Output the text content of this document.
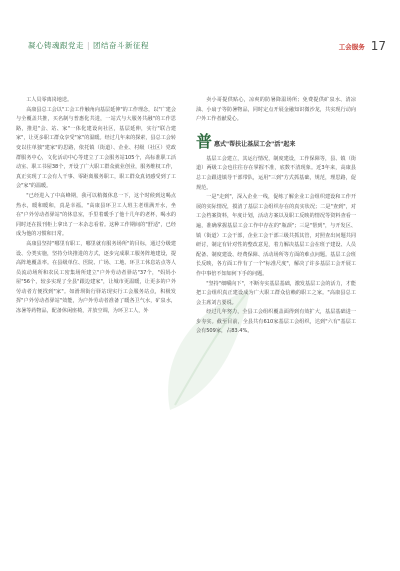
凝心铸魂跟党走 | 团结奋斗新征程	工会服务 17

工人员零离岗地送。

高康县总工会以"工会工作触角向基层延伸"的工作理念，以"广建会与全覆盖共推，买名制与普惠化共进，一站式与大服务共融"的工作思路，推进"会、站、家"一体化建设向社区，基层延伸，实行"联合建家"，让更多职工群众享受"家"的温暖。经过几年来的探索，县总工会转变以往单独"建家"的思路，依托镇（街道）、企业、村级（社区）党政群服务中心，文化活动中心等建立了工会服务站105个，高标准职工活动室、职工书屋38个，开设了广大职工群众就业创业，服务维权工作，真正实现了工会有人干事、零距离服务职工，职工群众真切感受到了工会"家"的温暖。

"已经进入了中高峰期，我可以稍微休息一下，这个时候到这喝点热水，暖和暖和，真是幸福。"高康县环卫工人班主老组满开水，坐在"户外劳动者驿站"的休息室，手里着暖手了他十几年的老杯，喝水的同时还在报刊柜上拿出了一本杂志看着。这种工作期间的"舒适"，已经成为他的习惯和日常。

高康县坚持"哪里有职工，哪里就有服务场所"的目标，通过分级建设、分类实施，坚持分块推进的方式，逐步完成职工服务阵地建设，提高阵地覆盖率。在县级单位、医院、广场、工地、环卫工休息站点等人员流动场所和农民工密集场所建立"户外劳动者驿站"37个，"妈妈小屋"56个，较多实现了全县"跟边建家"，让城市更温暖，让更多的户外劳动者方便找到"家"。如滑坝街行驿站现实行工会服务站点，积极发挥"户外劳动者驿站"效能，为户外劳动者准备了暖各卫气水，矿泉水，冻暑等药物品，配备休闲座椅，并放空调，为环卫工人，外

卖小哥提供贴心，凉爽的防暑降温场所；免费提供矿泉水、清凉油、小扇子等防暑物品，同时定点开展金融知识微沙龙，共实现行动向户外工作者献爱心。

普 惠式"帮扶让基层工会"活"起来

基层工会建立，其运行情况，制度建设，工作保障等，县、镇（街道）两级工会也往往存在掌握不准，底数不清现象。近3年来，高康县总工会跟进镇导干部带队，运用"三到"方式抓基础，规范，理思路，促规范。

一是"走到"，深入企业一线，促练了解企业工会组织建设和工作开展的实际情况，摸清了基层工会组织存在的真实状况；二是"查到"，对工会档案资料，年度计划，活动方案以及职工反映的情况等资料查看一遍，准确掌握基层工会工作中存在的"瓶颈"；三是"帮到"，与开发区、镇（街道）工会干部，企业工会干部三级共抓其管，对照查出问题共同研讨，制定有针对性的整改意见，着力解决基层工会在班子建设、人员配备、制度建设、经费保障、活动场所等方面的难点问题。基层工会班长反映，各方面工作有了一个"标准尺度"，解决了许多基层工会开展工作中事倍不知如何下手的问题。

"坚持"细嚼向下"，不断夯实基层基础，激发基层工会的活力，才能把工会组织真正建设成为广大职工群众信赖的职工之家。"高康县总工会主席刘吉要说。

经过几年努力，全县工会组织覆盖面得到有效扩大，基层基础进一步夯实。截至目前，全县共有610家基层工会组织，达到"六有"基层工会有509家，占83.4%。
